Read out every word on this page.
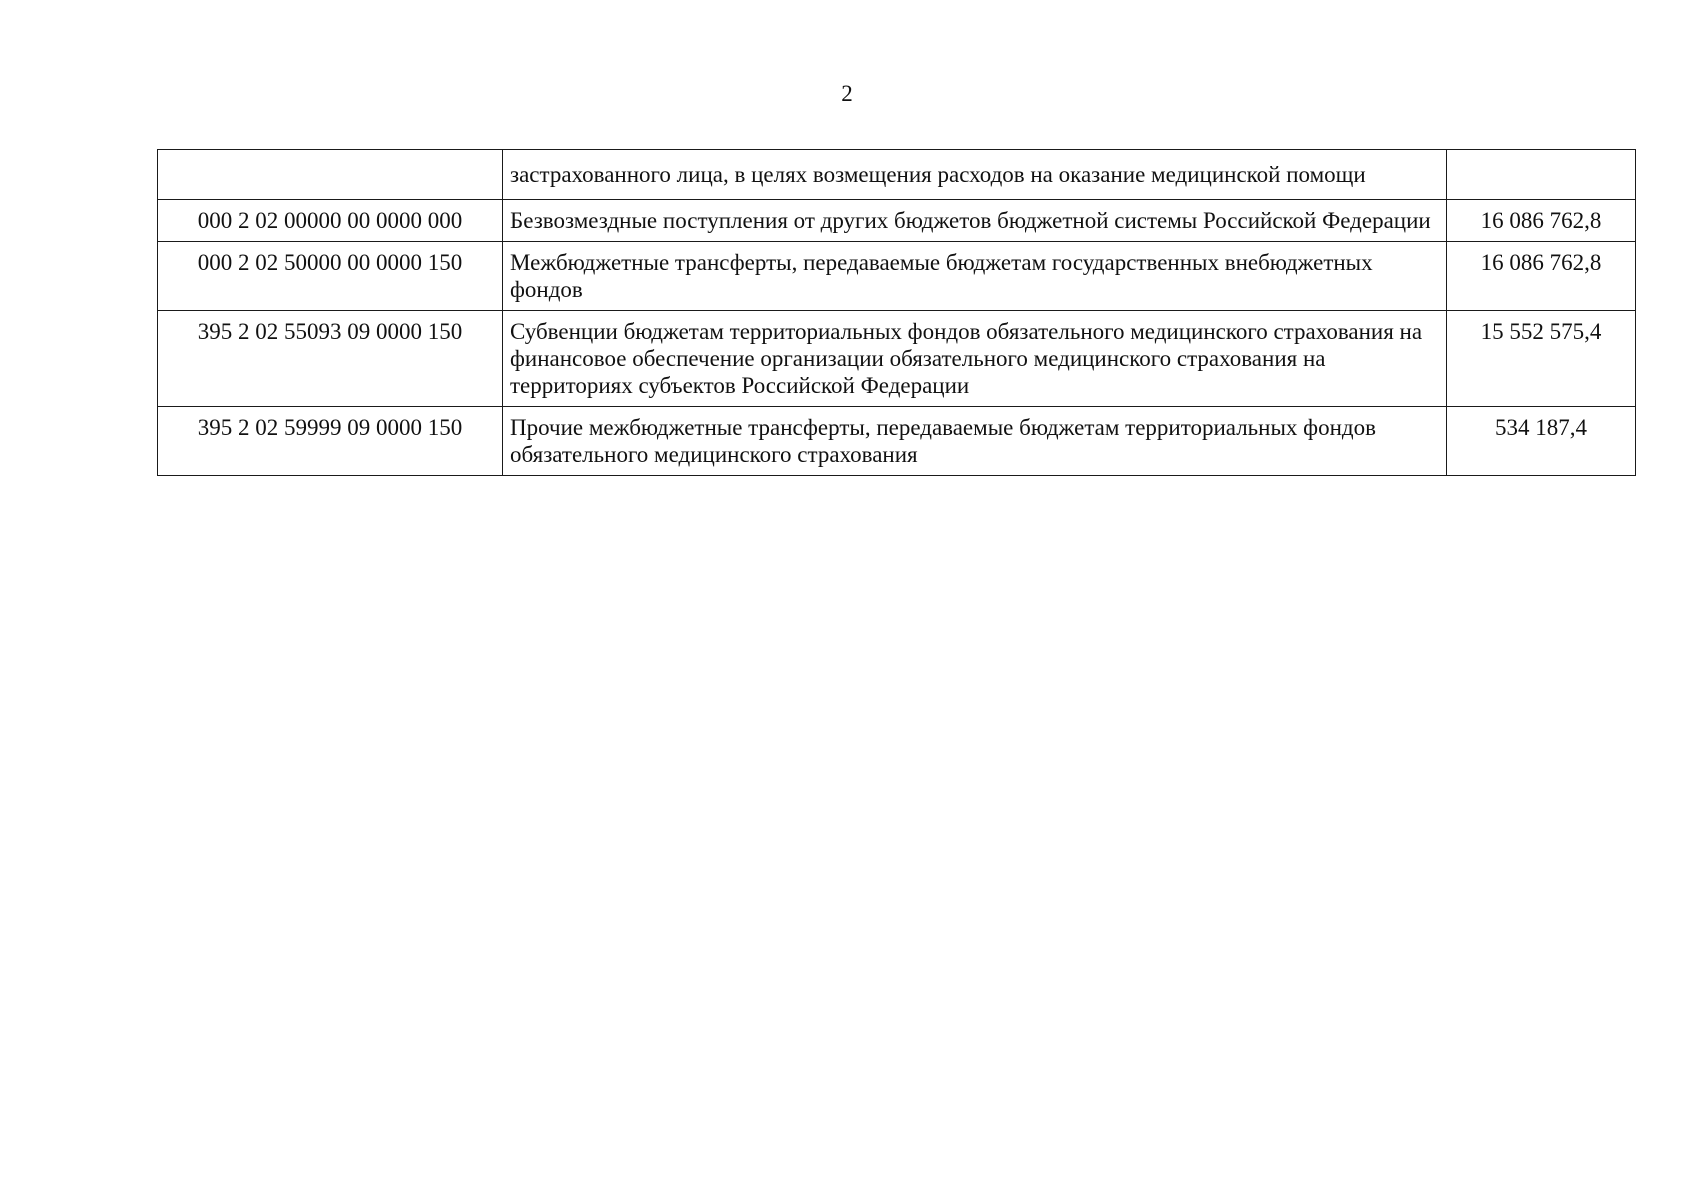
2
	застрахованного лица, в целях возмещения расходов на оказание медицинской помощи	
000 2 02 00000 00 0000 000	Безвозмездные поступления от других бюджетов бюджетной системы Российской Федерации	16 086 762,8
000 2 02 50000 00 0000 150	Межбюджетные трансферты, передаваемые бюджетам государственных внебюджетных фондов	16 086 762,8
395 2 02 55093 09 0000 150	Субвенции бюджетам территориальных фондов обязательного медицинского страхования на финансовое обеспечение организации обязательного медицинского страхования на территориях субъектов Российской Федерации	15 552 575,4
395 2 02 59999 09 0000 150	Прочие межбюджетные трансферты, передаваемые бюджетам территориальных фондов обязательного медицинского страхования	534 187,4
